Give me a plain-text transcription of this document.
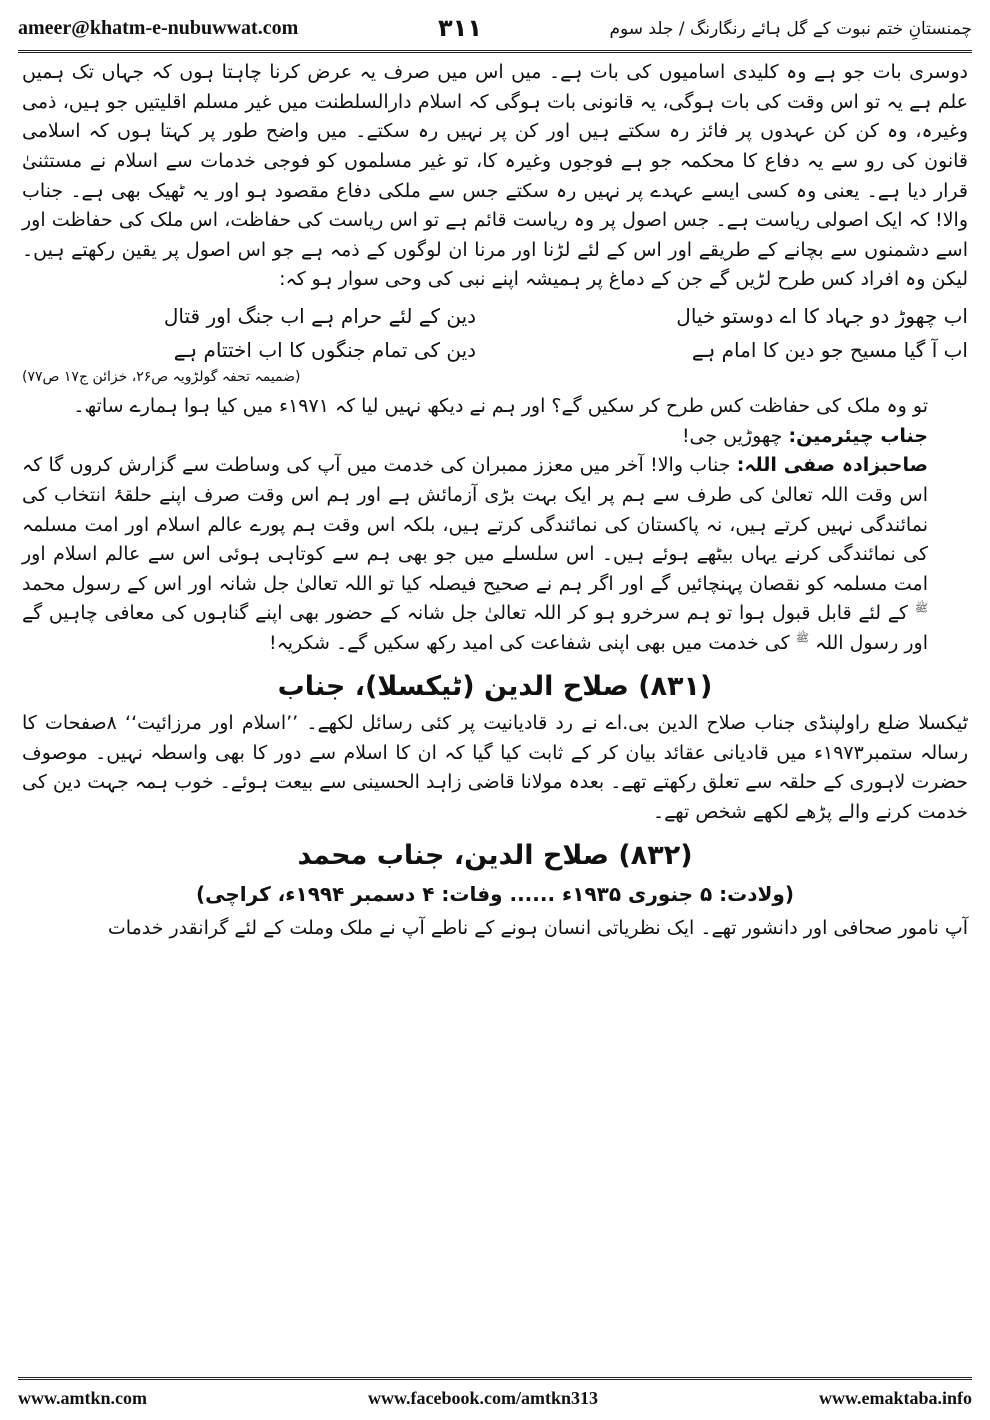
ameer@khatm-e-nubuwwat.com	۳۱۱	چمنستانِ ختم نبوت کے گل ہائے رنگارنگ / جلد سوم

دوسری بات جو ہے وہ کلیدی اسامیوں کی بات ہے۔ میں اس میں صرف یہ عرض کرنا چاہتا ہوں کہ جہاں تک ہمیں علم ہے یہ تو اس وقت کی بات ہوگی، یہ قانونی بات ہوگی کہ اسلام دارالسلطنت میں غیر مسلم اقلیتیں جو ہیں، ذمی وغیرہ، وہ کن کن عہدوں پر فائز رہ سکتے ہیں اور کن پر نہیں رہ سکتے۔ میں واضح طور پر کہتا ہوں کہ اسلامی قانون کی رو سے یہ دفاع کا محکمہ جو ہے فوجوں وغیرہ کا، تو غیر مسلموں کو فوجی خدمات سے اسلام نے مستثنیٰ قرار دیا ہے۔ یعنی وہ کسی ایسے عہدے پر نہیں رہ سکتے جس سے ملکی دفاع مقصود ہو اور یہ ٹھیک بھی ہے۔ جناب والا! کہ ایک اصولی ریاست ہے۔ جس اصول پر وہ ریاست قائم ہے تو اس ریاست کی حفاظت، اس ملک کی حفاظت اور اسے دشمنوں سے بچانے کے طریقے اور اس کے لئے لڑنا اور مرنا ان لوگوں کے ذمہ ہے جو اس اصول پر یقین رکھتے ہیں۔ لیکن وہ افراد کس طرح لڑیں گے جن کے دماغ پر ہمیشہ اپنے نبی کی وحی سوار ہو کہ:

اب چھوڑ دو جہاد کا اے دوستو خیال
دین کے لئے حرام ہے اب جنگ اور قتال
اب آ گیا مسیح جو دین کا امام ہے
دین کی تمام جنگوں کا اب اختتام ہے
(ضمیمہ تحفہ گولڑویہ ص۲۶، خزائن ج۱۷ ص۷۷)

تو وہ ملک کی حفاظت کس طرح کر سکیں گے؟ اور ہم نے دیکھ نہیں لیا کہ ۱۹۷۱ء میں کیا ہوا ہمارے ساتھ۔

جناب چیئرمین: چھوڑیں جی!

صاحبزادہ صفی اللہ: جناب والا! آخر میں معزز ممبران کی خدمت میں آپ کی وساطت سے گزارش کروں گا کہ اس وقت اللہ تعالیٰ کی طرف سے ہم پر ایک بہت بڑی آزمائش ہے اور ہم اس وقت صرف اپنے حلقۂ انتخاب کی نمائندگی نہیں کرتے ہیں، نہ پاکستان کی نمائندگی کرتے ہیں، بلکہ اس وقت ہم پورے عالم اسلام اور امت مسلمہ کی نمائندگی کرنے یہاں بیٹھے ہوئے ہیں۔ اس سلسلے میں جو بھی ہم سے کوتاہی ہوئی اس سے عالم اسلام اور امت مسلمہ کو نقصان پہنچائیں گے اور اگر ہم نے صحیح فیصلہ کیا تو اللہ تعالیٰ جل شانہ اور اس کے رسول محمد $^ﷺ$ کے لئے قابل قبول ہوا تو ہم سرخرو ہو کر اللہ تعالیٰ جل شانہ کے حضور بھی اپنے گناہوں کی معافی چاہیں گے اور رسول اللہ $^ﷺ$ کی خدمت میں بھی اپنی شفاعت کی امید رکھ سکیں گے۔ شکریہ!

(۸۳۱) صلاح الدین (ٹیکسلا)، جناب

ٹیکسلا ضلع راولپنڈی جناب صلاح الدین بی.اے نے رد قادیانیت پر کئی رسائل لکھے۔ ’’اسلام اور مرزائیت‘‘ ۸صفحات کا رسالہ ستمبر۱۹۷۳ء میں قادیانی عقائد بیان کر کے ثابت کیا گیا کہ ان کا اسلام سے دور کا بھی واسطہ نہیں۔ موصوف حضرت لاہوری کے حلقہ سے تعلق رکھتے تھے۔ بعدہ مولانا قاضی زاہد الحسینی سے بیعت ہوئے۔ خوب ہمہ جہت دین کی خدمت کرنے والے پڑھے لکھے شخص تھے۔

(۸۳۲) صلاح الدین، جناب محمد
(ولادت: ۵ جنوری ۱۹۳۵ء ...... وفات: ۴ دسمبر ۱۹۹۴ء، کراچی)

آپ نامور صحافی اور دانشور تھے۔ ایک نظریاتی انسان ہونے کے ناطے آپ نے ملک وملت کے لئے گرانقدر خدمات

www.amtkn.com	www.facebook.com/amtkn313	www.emaktaba.info
